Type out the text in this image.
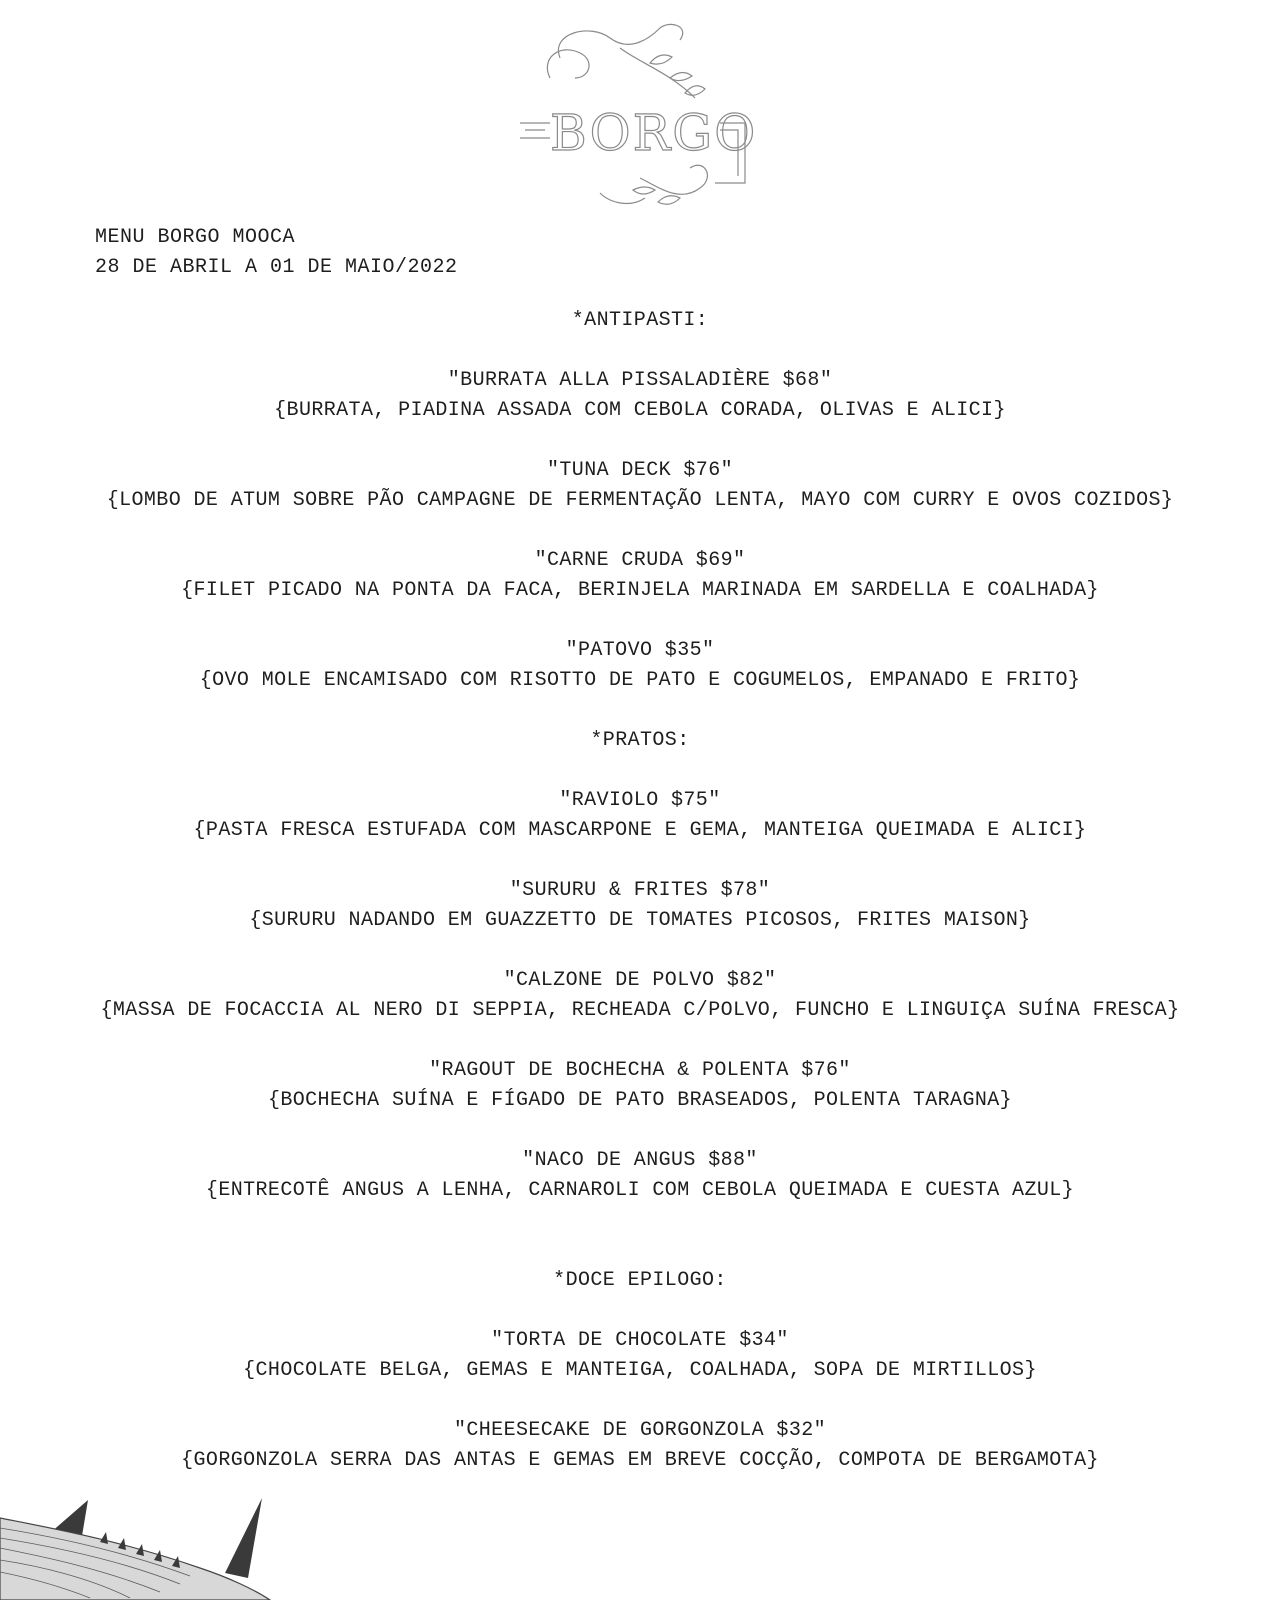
BORGO
MENU BORGO MOOCA
28 DE ABRIL A 01 DE MAIO/2022
*ANTIPASTI:
"BURRATA ALLA PISSALADIÈRE $68"
{BURRATA, PIADINA ASSADA COM CEBOLA CORADA, OLIVAS E ALICI}
"TUNA DECK $76"
{LOMBO DE ATUM SOBRE PÃO CAMPAGNE DE FERMENTAÇÃO LENTA, MAYO COM CURRY E OVOS COZIDOS}
"CARNE CRUDA $69"
{FILET PICADO NA PONTA DA FACA, BERINJELA MARINADA EM SARDELLA E COALHADA}
"PATOVO $35"
{OVO MOLE ENCAMISADO COM RISOTTO DE PATO E COGUMELOS, EMPANADO E FRITO}
*PRATOS:
"RAVIOLO $75"
{PASTA FRESCA ESTUFADA COM MASCARPONE E GEMA, MANTEIGA QUEIMADA E ALICI}
"SURURU & FRITES $78"
{SURURU NADANDO EM GUAZZETTO DE TOMATES PICOSOS, FRITES MAISON}
"CALZONE DE POLVO $82"
{MASSA DE FOCACCIA AL NERO DI SEPPIA, RECHEADA C/POLVO, FUNCHO E LINGUIÇA SUÍNA FRESCA}
"RAGOUT DE BOCHECHA & POLENTA $76"
{BOCHECHA SUÍNA E FÍGADO DE PATO BRASEADOS, POLENTA TARAGNA}
"NACO DE ANGUS $88"
{ENTRECOTÊ ANGUS A LENHA, CARNAROLI COM CEBOLA QUEIMADA E CUESTA AZUL}
*DOCE EPILOGO:
"TORTA DE CHOCOLATE $34"
{CHOCOLATE BELGA, GEMAS E MANTEIGA, COALHADA, SOPA DE MIRTILLOS}
"CHEESECAKE DE GORGONZOLA $32"
{GORGONZOLA SERRA DAS ANTAS E GEMAS EM BREVE COCÇÃO, COMPOTA DE BERGAMOTA}
